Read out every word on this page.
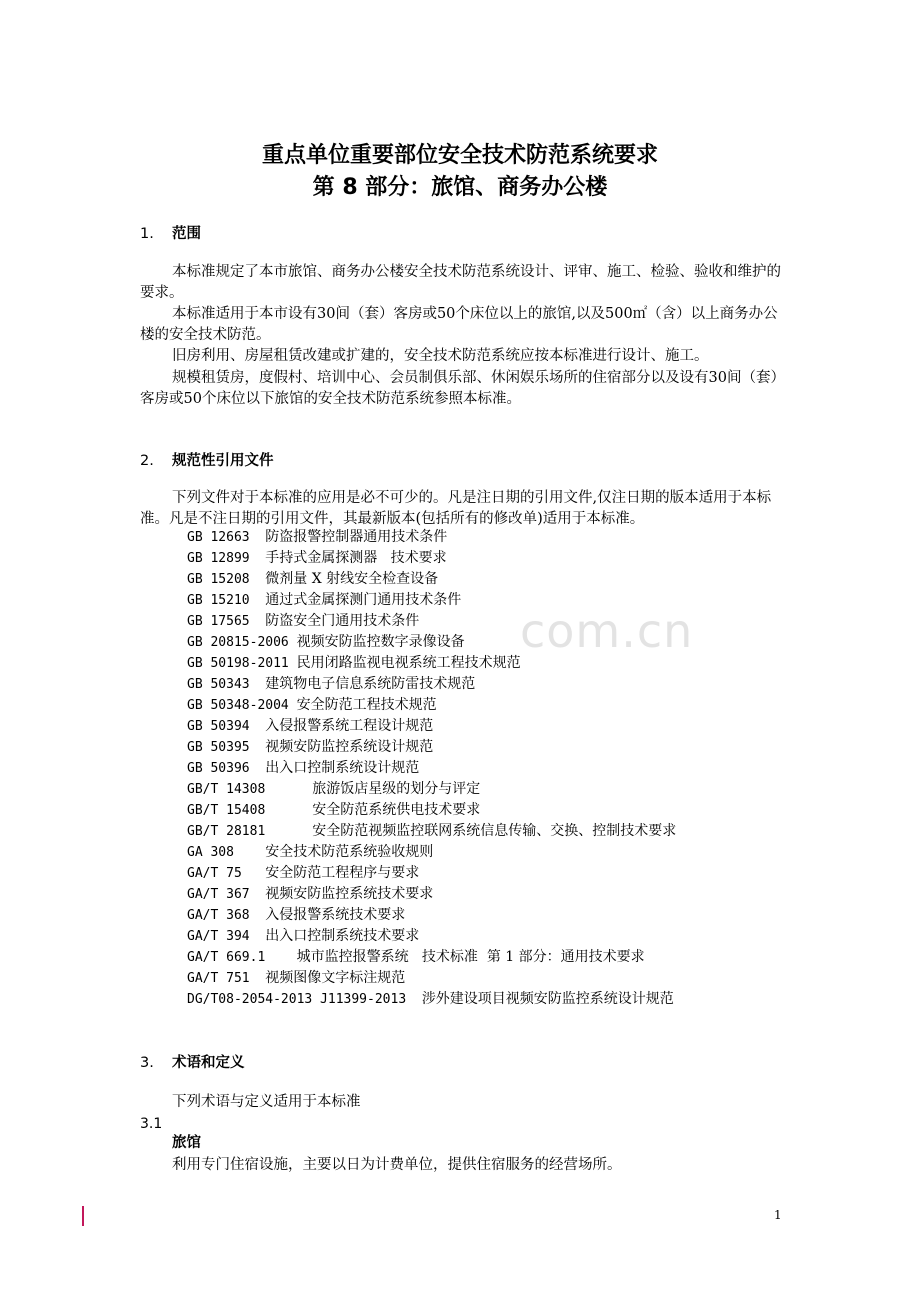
重点单位重要部位安全技术防范系统要求
第 8 部分：旅馆、商务办公楼
1. 范围

本标准规定了本市旅馆、商务办公楼安全技术防范系统设计、评审、施工、检验、验收和维护的要求。

本标准适用于本市设有30间（套）客房或50个床位以上的旅馆,以及500㎡（含）以上商务办公楼的安全技术防范。

旧房利用、房屋租赁改建或扩建的，安全技术防范系统应按本标准进行设计、施工。

规模租赁房，度假村、培训中心、会员制俱乐部、休闲娱乐场所的住宿部分以及设有30间（套）客房或50个床位以下旅馆的安全技术防范系统参照本标准。

2. 规范性引用文件

下列文件对于本标准的应用是必不可少的。凡是注日期的引用文件,仅注日期的版本适用于本标准。凡是不注日期的引用文件，其最新版本(包括所有的修改单)适用于本标准。

GB 12663  防盗报警控制器通用技术条件
GB 12899  手持式金属探测器   技术要求
GB 15208  微剂量 X 射线安全检查设备
GB 15210  通过式金属探测门通用技术条件
GB 17565  防盗安全门通用技术条件
GB 20815-2006 视频安防监控数字录像设备
GB 50198-2011 民用闭路监视电视系统工程技术规范
GB 50343  建筑物电子信息系统防雷技术规范
GB 50348-2004 安全防范工程技术规范
GB 50394  入侵报警系统工程设计规范
GB 50395  视频安防监控系统设计规范
GB 50396  出入口控制系统设计规范
GB/T 14308      旅游饭店星级的划分与评定
GB/T 15408      安全防范系统供电技术要求
GB/T 28181      安全防范视频监控联网系统信息传输、交换、控制技术要求
GA 308    安全技术防范系统验收规则
GA/T 75   安全防范工程程序与要求
GA/T 367  视频安防监控系统技术要求
GA/T 368  入侵报警系统技术要求
GA/T 394  出入口控制系统技术要求
GA/T 669.1    城市监控报警系统   技术标准  第 1 部分：通用技术要求
GA/T 751  视频图像文字标注规范
DG/T08-2054-2013 J11399-2013  涉外建设项目视频安防监控系统设计规范
3. 术语和定义

下列术语与定义适用于本标准

3.1

旅馆

利用专门住宿设施，主要以日为计费单位，提供住宿服务的经营场所。

com.cn
1
